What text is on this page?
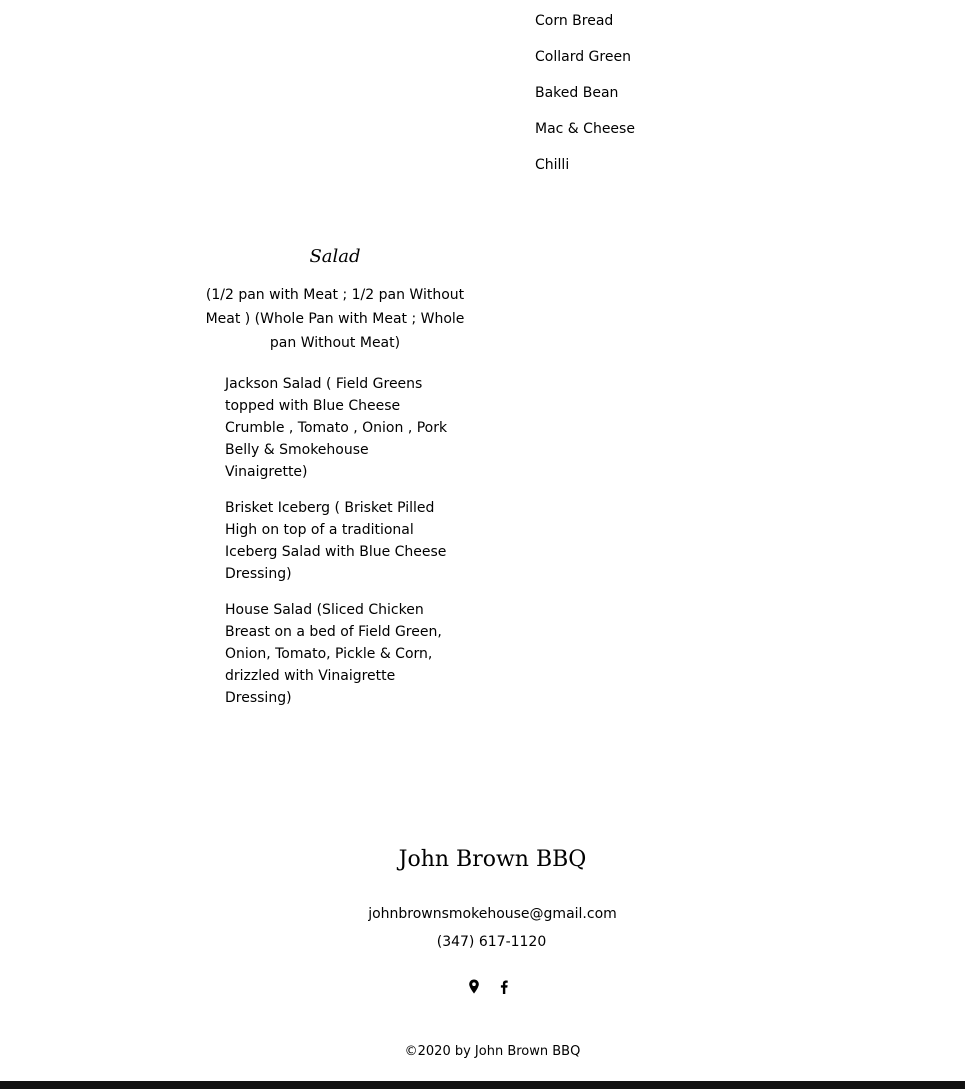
Corn Bread
Collard Green
Baked Bean
Mac & Cheese
Chilli
Salad
(1/2 pan with Meat ; 1/2 pan Without Meat ) (Whole Pan with Meat ; Whole pan Without Meat)
Jackson Salad ( Field Greens topped with Blue Cheese Crumble , Tomato , Onion , Pork Belly & Smokehouse Vinaigrette)
Brisket Iceberg ( Brisket Pilled High on top of a traditional Iceberg Salad with Blue Cheese Dressing)
House Salad (Sliced Chicken Breast on a bed of Field Green, Onion, Tomato, Pickle & Corn, drizzled with Vinaigrette Dressing)
John Brown BBQ
johnbrownsmokehouse@gmail.com
(347) 617-1120
©2020 by John Brown BBQ
